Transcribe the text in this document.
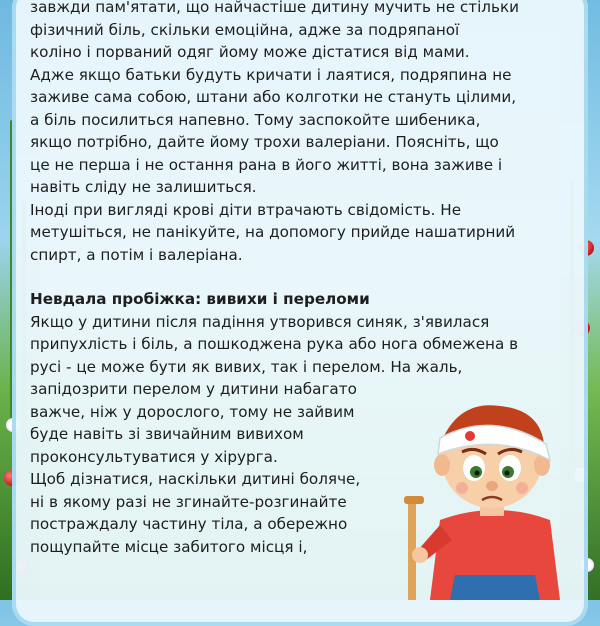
завжди пам'ятати, що найчастіше дитину мучить не стільки

фізичний біль, скільки емоційна, адже за подряпаної

коліно і порваний одяг йому може дістатися від мами.

Адже якщо батьки будуть кричати і лаятися, подряпина не

заживе сама собою, штани або колготки не стануть цілими,

а біль посилиться напевно. Тому заспокойте шибеника,

якщо потрібно, дайте йому трохи валеріани. Поясніть, що

це не перша і не остання рана в його житті, вона заживе і

навіть сліду не залишиться.

Іноді при вигляді крові діти втрачають свідомість. Не

метушіться, не панікуйте, на допомогу прийде нашатирний

спирт, а потім і валеріана.

Невдала пробіжка: вивихи і переломи

Якщо у дитини після падіння утворився синяк, з'явилася

припухлість і біль, а пошкоджена рука або нога обмежена в

русі - це може бути як вивих, так і перелом. На жаль,

запідозрити перелом у дитини набагато

важче, ніж у дорослого, тому не зайвим

буде навіть зі звичайним вивихом

проконсультуватися у хірурга.

Щоб дізнатися, наскільки дитині боляче,

ні в якому разі не згинайте-розгинайте

постраждалу частину тіла, а обережно

пощупайте місце забитого місця і,
